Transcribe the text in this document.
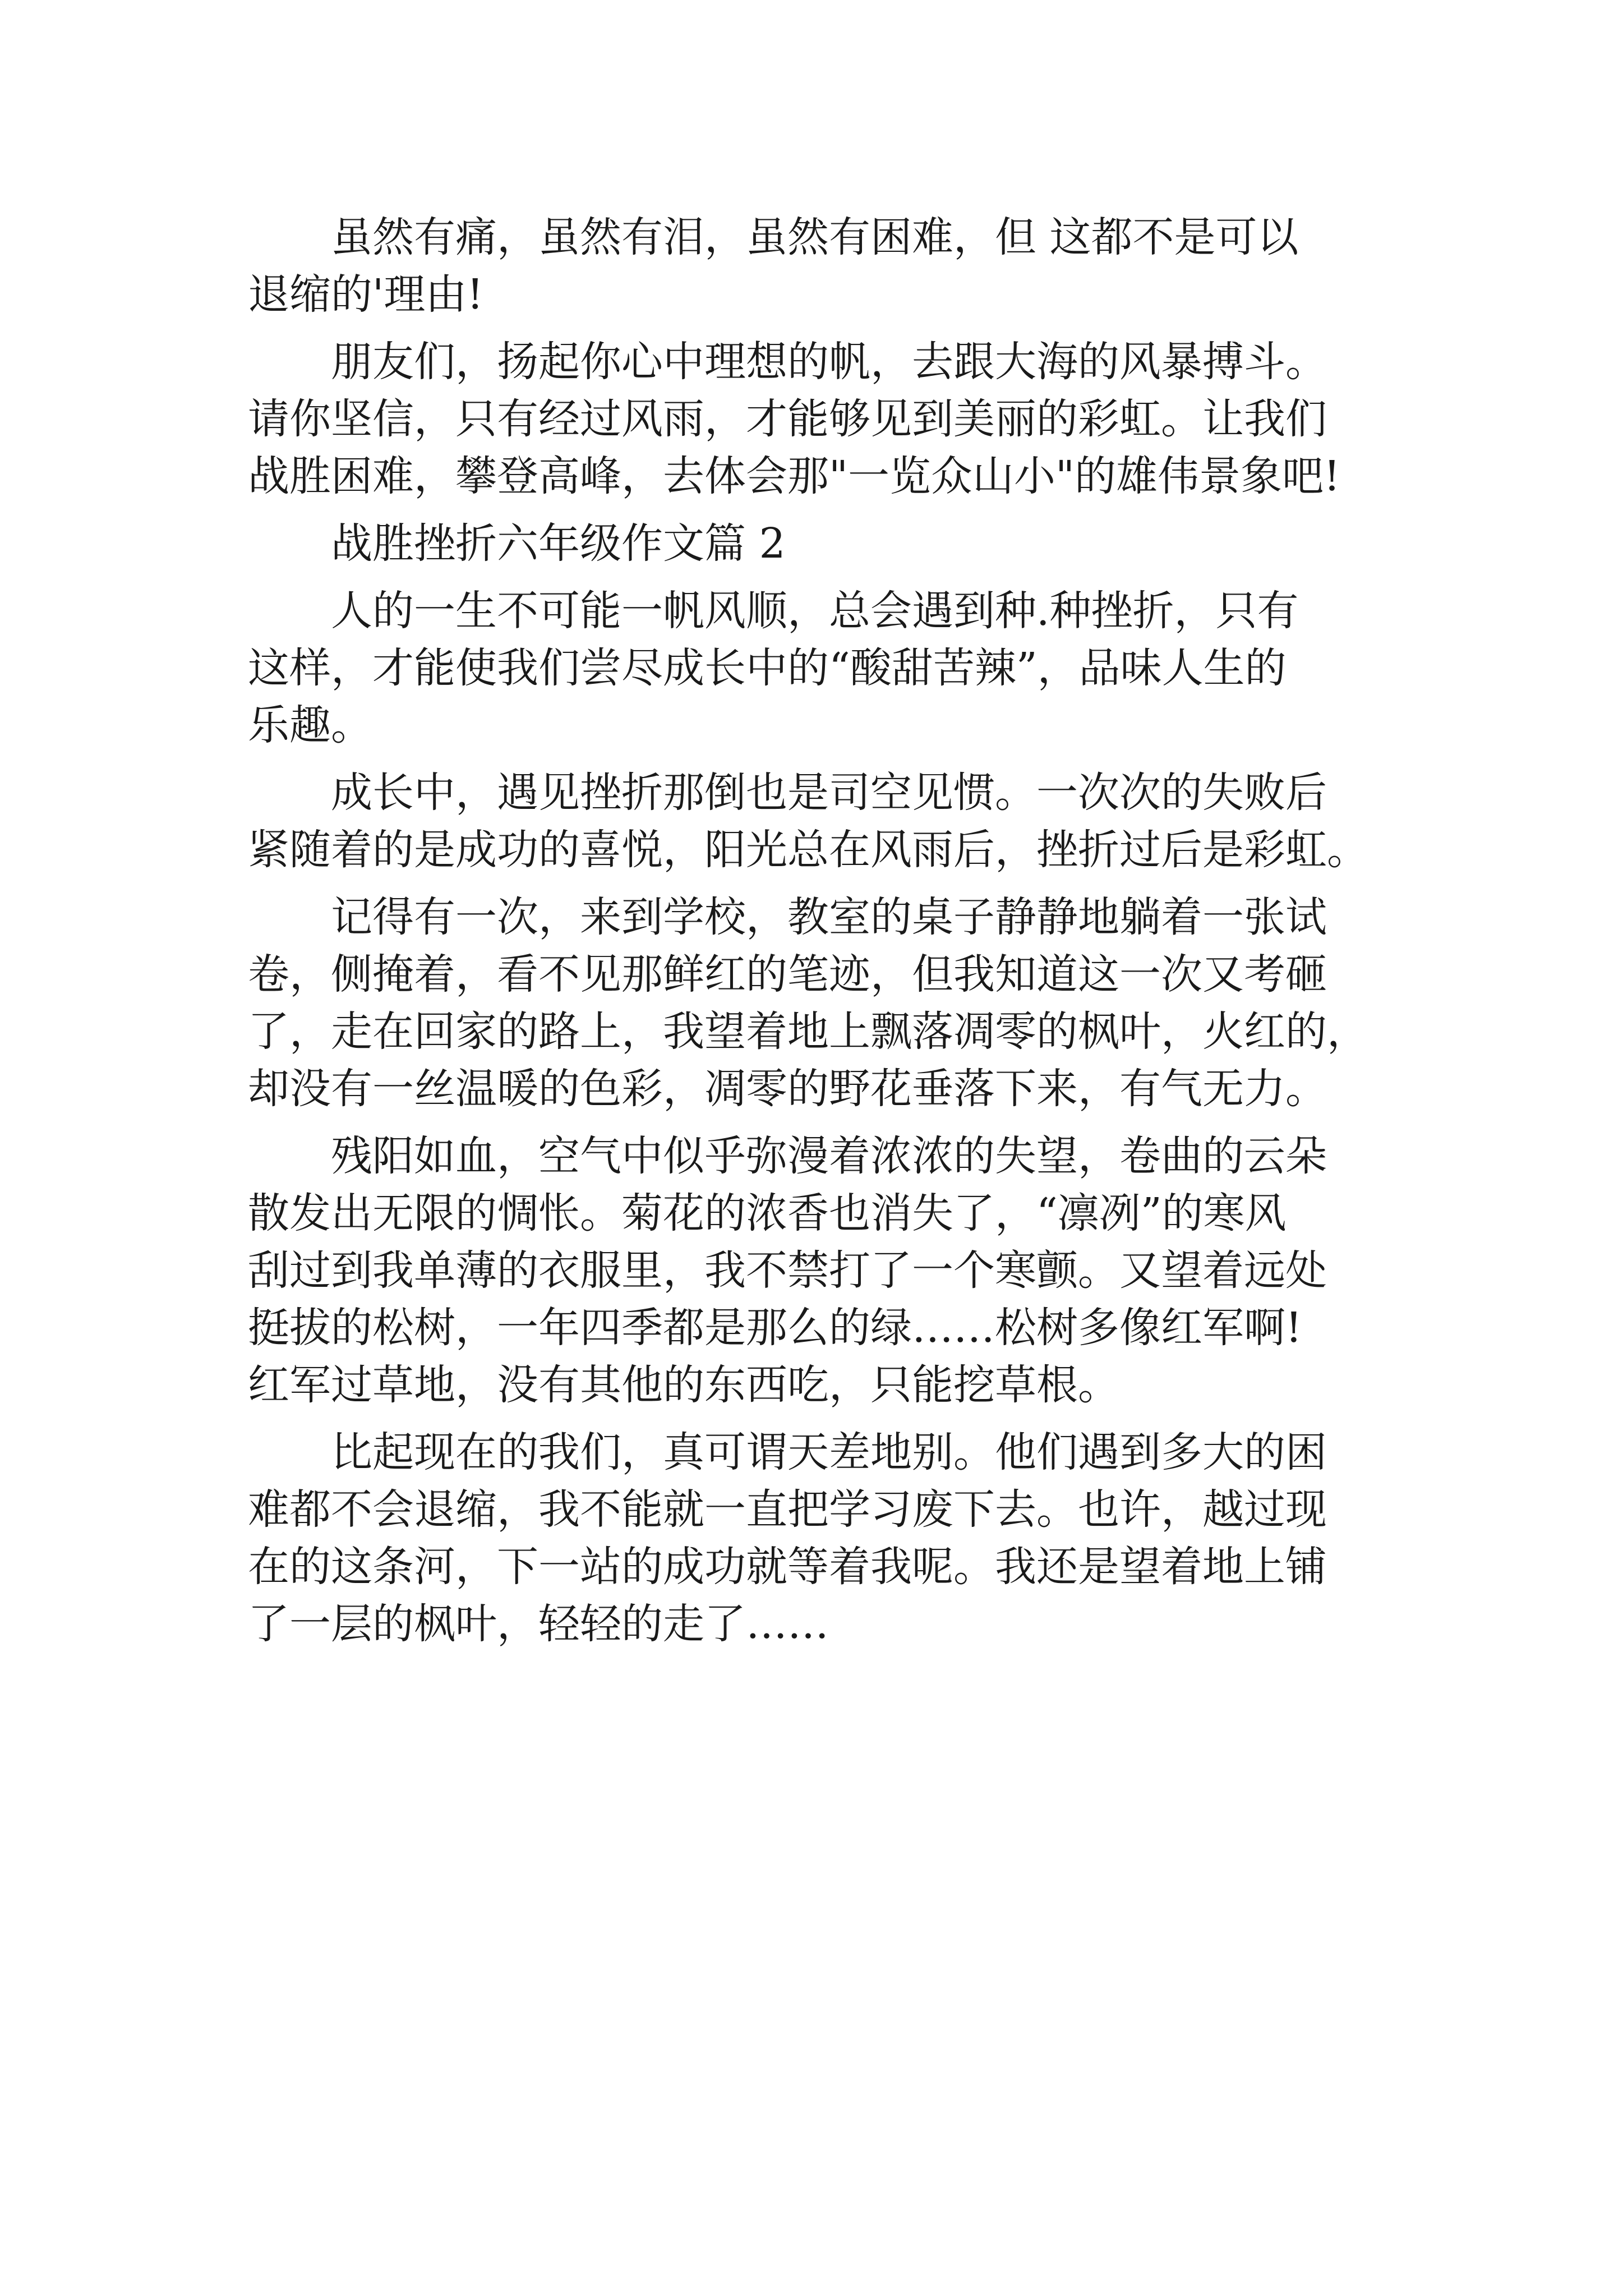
虽然有痛，虽然有泪，虽然有困难，但 这都不是可以
退缩的'理由!

朋友们，扬起你心中理想的帆，去跟大海的风暴搏斗。
请你坚信，只有经过风雨，才能够见到美丽的彩虹。让我们
战胜困难，攀登高峰，去体会那"一览众山小"的雄伟景象吧!

战胜挫折六年级作文篇 2

人的一生不可能一帆风顺，总会遇到种.种挫折，只有
这样，才能使我们尝尽成长中的“酸甜苦辣”，品味人生的
乐趣。

成长中，遇见挫折那倒也是司空见惯。一次次的失败后
紧随着的是成功的喜悦，阳光总在风雨后，挫折过后是彩虹。

记得有一次，来到学校，教室的桌子静静地躺着一张试
卷，侧掩着，看不见那鲜红的笔迹，但我知道这一次又考砸
了，走在回家的路上，我望着地上飘落凋零的枫叶，火红的，
却没有一丝温暖的色彩，凋零的野花垂落下来，有气无力。

残阳如血，空气中似乎弥漫着浓浓的失望，卷曲的云朵
散发出无限的惆怅。菊花的浓香也消失了，“凛冽”的寒风
刮过到我单薄的衣服里，我不禁打了一个寒颤。又望着远处
挺拔的松树，一年四季都是那么的绿……松树多像红军啊!
红军过草地，没有其他的东西吃，只能挖草根。

比起现在的我们，真可谓天差地别。他们遇到多大的困
难都不会退缩，我不能就一直把学习废下去。也许，越过现
在的这条河，下一站的成功就等着我呢。我还是望着地上铺
了一层的枫叶，轻轻的走了……
